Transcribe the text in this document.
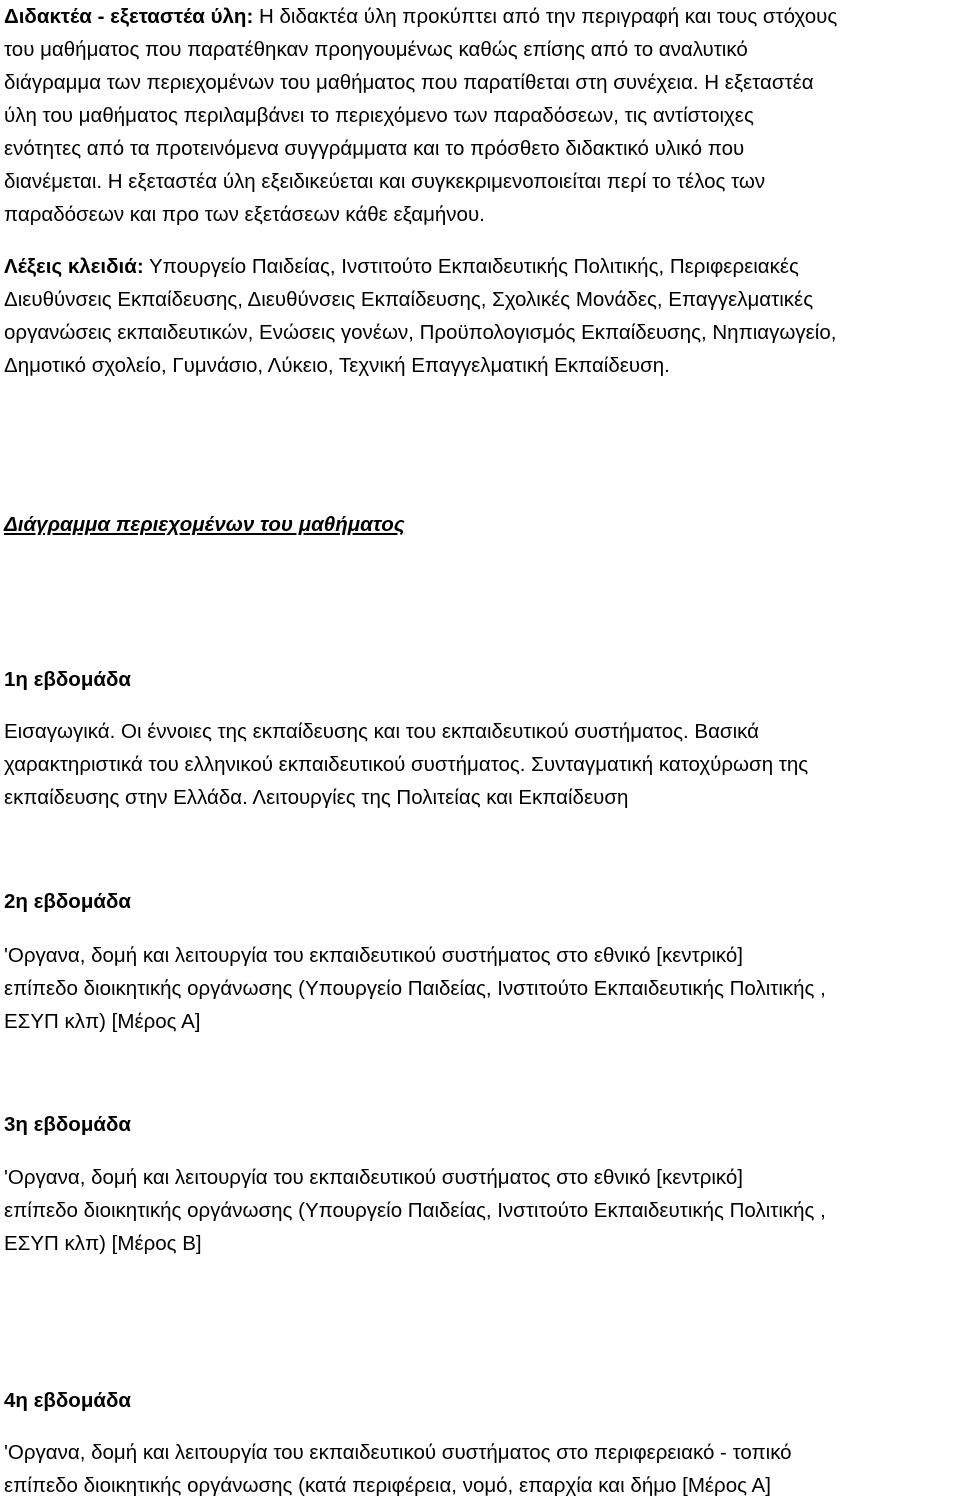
Διδακτέα - εξεταστέα ύλη: Η διδακτέα ύλη προκύπτει από την περιγραφή και τους στόχους
του μαθήματος που παρατέθηκαν προηγουμένως καθώς επίσης από το αναλυτικό
διάγραμμα των περιεχομένων του μαθήματος που παρατίθεται στη συνέχεια. Η εξεταστέα
ύλη του μαθήματος περιλαμβάνει το περιεχόμενο των παραδόσεων, τις αντίστοιχες
ενότητες από τα προτεινόμενα συγγράμματα και το πρόσθετο διδακτικό υλικό που
διανέμεται. Η εξεταστέα ύλη εξειδικεύεται και συγκεκριμενοποιείται περί το τέλος των
παραδόσεων και προ των εξετάσεων κάθε εξαμήνου.
Λέξεις κλειδιά: Υπουργείο Παιδείας, Ινστιτούτο Εκπαιδευτικής Πολιτικής, Περιφερειακές
Διευθύνσεις Εκπαίδευσης, Διευθύνσεις Εκπαίδευσης, Σχολικές Μονάδες, Επαγγελματικές
οργανώσεις εκπαιδευτικών, Ενώσεις γονέων, Προϋπολογισμός Εκπαίδευσης, Νηπιαγωγείο,
Δημοτικό σχολείο, Γυμνάσιο, Λύκειο, Τεχνική Επαγγελματική Εκπαίδευση.
Διάγραμμα περιεχομένων του μαθήματος
1η εβδομάδα
Εισαγωγικά. Οι έννοιες της εκπαίδευσης και του εκπαιδευτικού συστήματος. Βασικά
χαρακτηριστικά του ελληνικού εκπαιδευτικού συστήματος. Συνταγματική κατοχύρωση της
εκπαίδευσης στην Ελλάδα. Λειτουργίες της Πολιτείας και Εκπαίδευση
2η εβδομάδα
'Οργανα, δομή και λειτουργία του εκπαιδευτικού συστήματος στο εθνικό [κεντρικό]
επίπεδο διοικητικής οργάνωσης (Υπουργείο Παιδείας, Ινστιτούτο Εκπαιδευτικής Πολιτικής ,
ΕΣΥΠ κλπ) [Μέρος Α]
3η εβδομάδα
'Οργανα, δομή και λειτουργία του εκπαιδευτικού συστήματος στο εθνικό [κεντρικό]
επίπεδο διοικητικής οργάνωσης (Υπουργείο Παιδείας, Ινστιτούτο Εκπαιδευτικής Πολιτικής ,
ΕΣΥΠ κλπ) [Μέρος Β]
4η εβδομάδα
'Οργανα, δομή και λειτουργία του εκπαιδευτικού συστήματος στο περιφερειακό - τοπικό
επίπεδο διοικητικής οργάνωσης (κατά περιφέρεια, νομό, επαρχία και δήμο [Μέρος Α]
